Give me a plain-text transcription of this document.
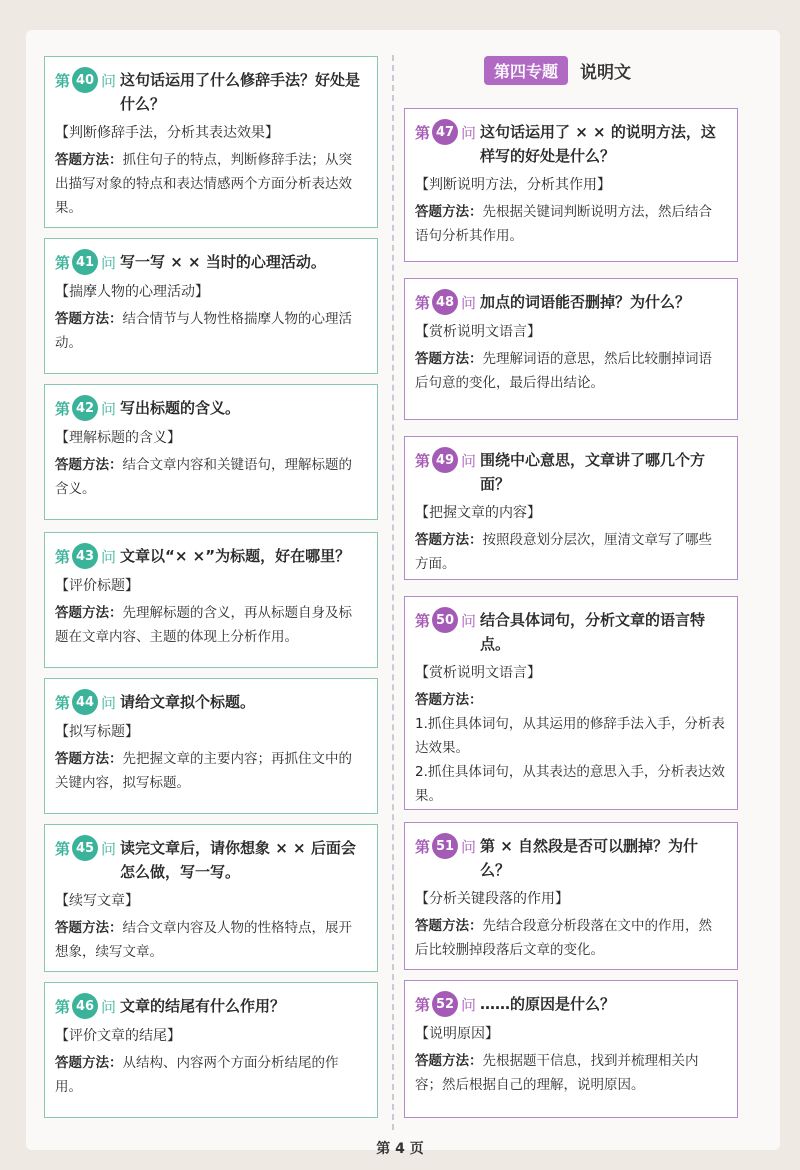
第 40 问 这句话运用了什么修辞手法？好处是什么？
【判断修辞手法，分析其表达效果】
答题方法：抓住句子的特点，判断修辞手法；从突出描写对象的特点和表达情感两个方面分析表达效果。
第 41 问 写一写 × × 当时的心理活动。
【揣摩人物的心理活动】
答题方法：结合情节与人物性格揣摩人物的心理活动。
第 42 问 写出标题的含义。
【理解标题的含义】
答题方法：结合文章内容和关键语句，理解标题的含义。
第 43 问 文章以“× ×”为标题，好在哪里？
【评价标题】
答题方法：先理解标题的含义，再从标题自身及标题在文章内容、主题的体现上分析作用。
第 44 问 请给文章拟个标题。
【拟写标题】
答题方法：先把握文章的主要内容；再抓住文中的关键内容，拟写标题。
第 45 问 读完文章后，请你想象 × × 后面会怎么做，写一写。
【续写文章】
答题方法：结合文章内容及人物的性格特点，展开想象，续写文章。
第 46 问 文章的结尾有什么作用？
【评价文章的结尾】
答题方法：从结构、内容两个方面分析结尾的作用。
第四专题	说明文
第 47 问 这句话运用了 × × 的说明方法，这样写的好处是什么？
【判断说明方法，分析其作用】
答题方法：先根据关键词判断说明方法，然后结合语句分析其作用。
第 48 问 加点的词语能否删掉？为什么？
【赏析说明文语言】
答题方法：先理解词语的意思，然后比较删掉词语后句意的变化，最后得出结论。
第 49 问 围绕中心意思，文章讲了哪几个方面？
【把握文章的内容】
答题方法：按照段意划分层次，厘清文章写了哪些方面。
第 50 问 结合具体词句，分析文章的语言特点。
【赏析说明文语言】
答题方法：
1.抓住具体词句，从其运用的修辞手法入手，分析表达效果。
2.抓住具体词句，从其表达的意思入手，分析表达效果。
第 51 问 第 × 自然段是否可以删掉？为什么？
【分析关键段落的作用】
答题方法：先结合段意分析段落在文中的作用，然后比较删掉段落后文章的变化。
第 52 问 ……的原因是什么？
【说明原因】
答题方法：先根据题干信息，找到并梳理相关内容；然后根据自己的理解，说明原因。
第 4 页
